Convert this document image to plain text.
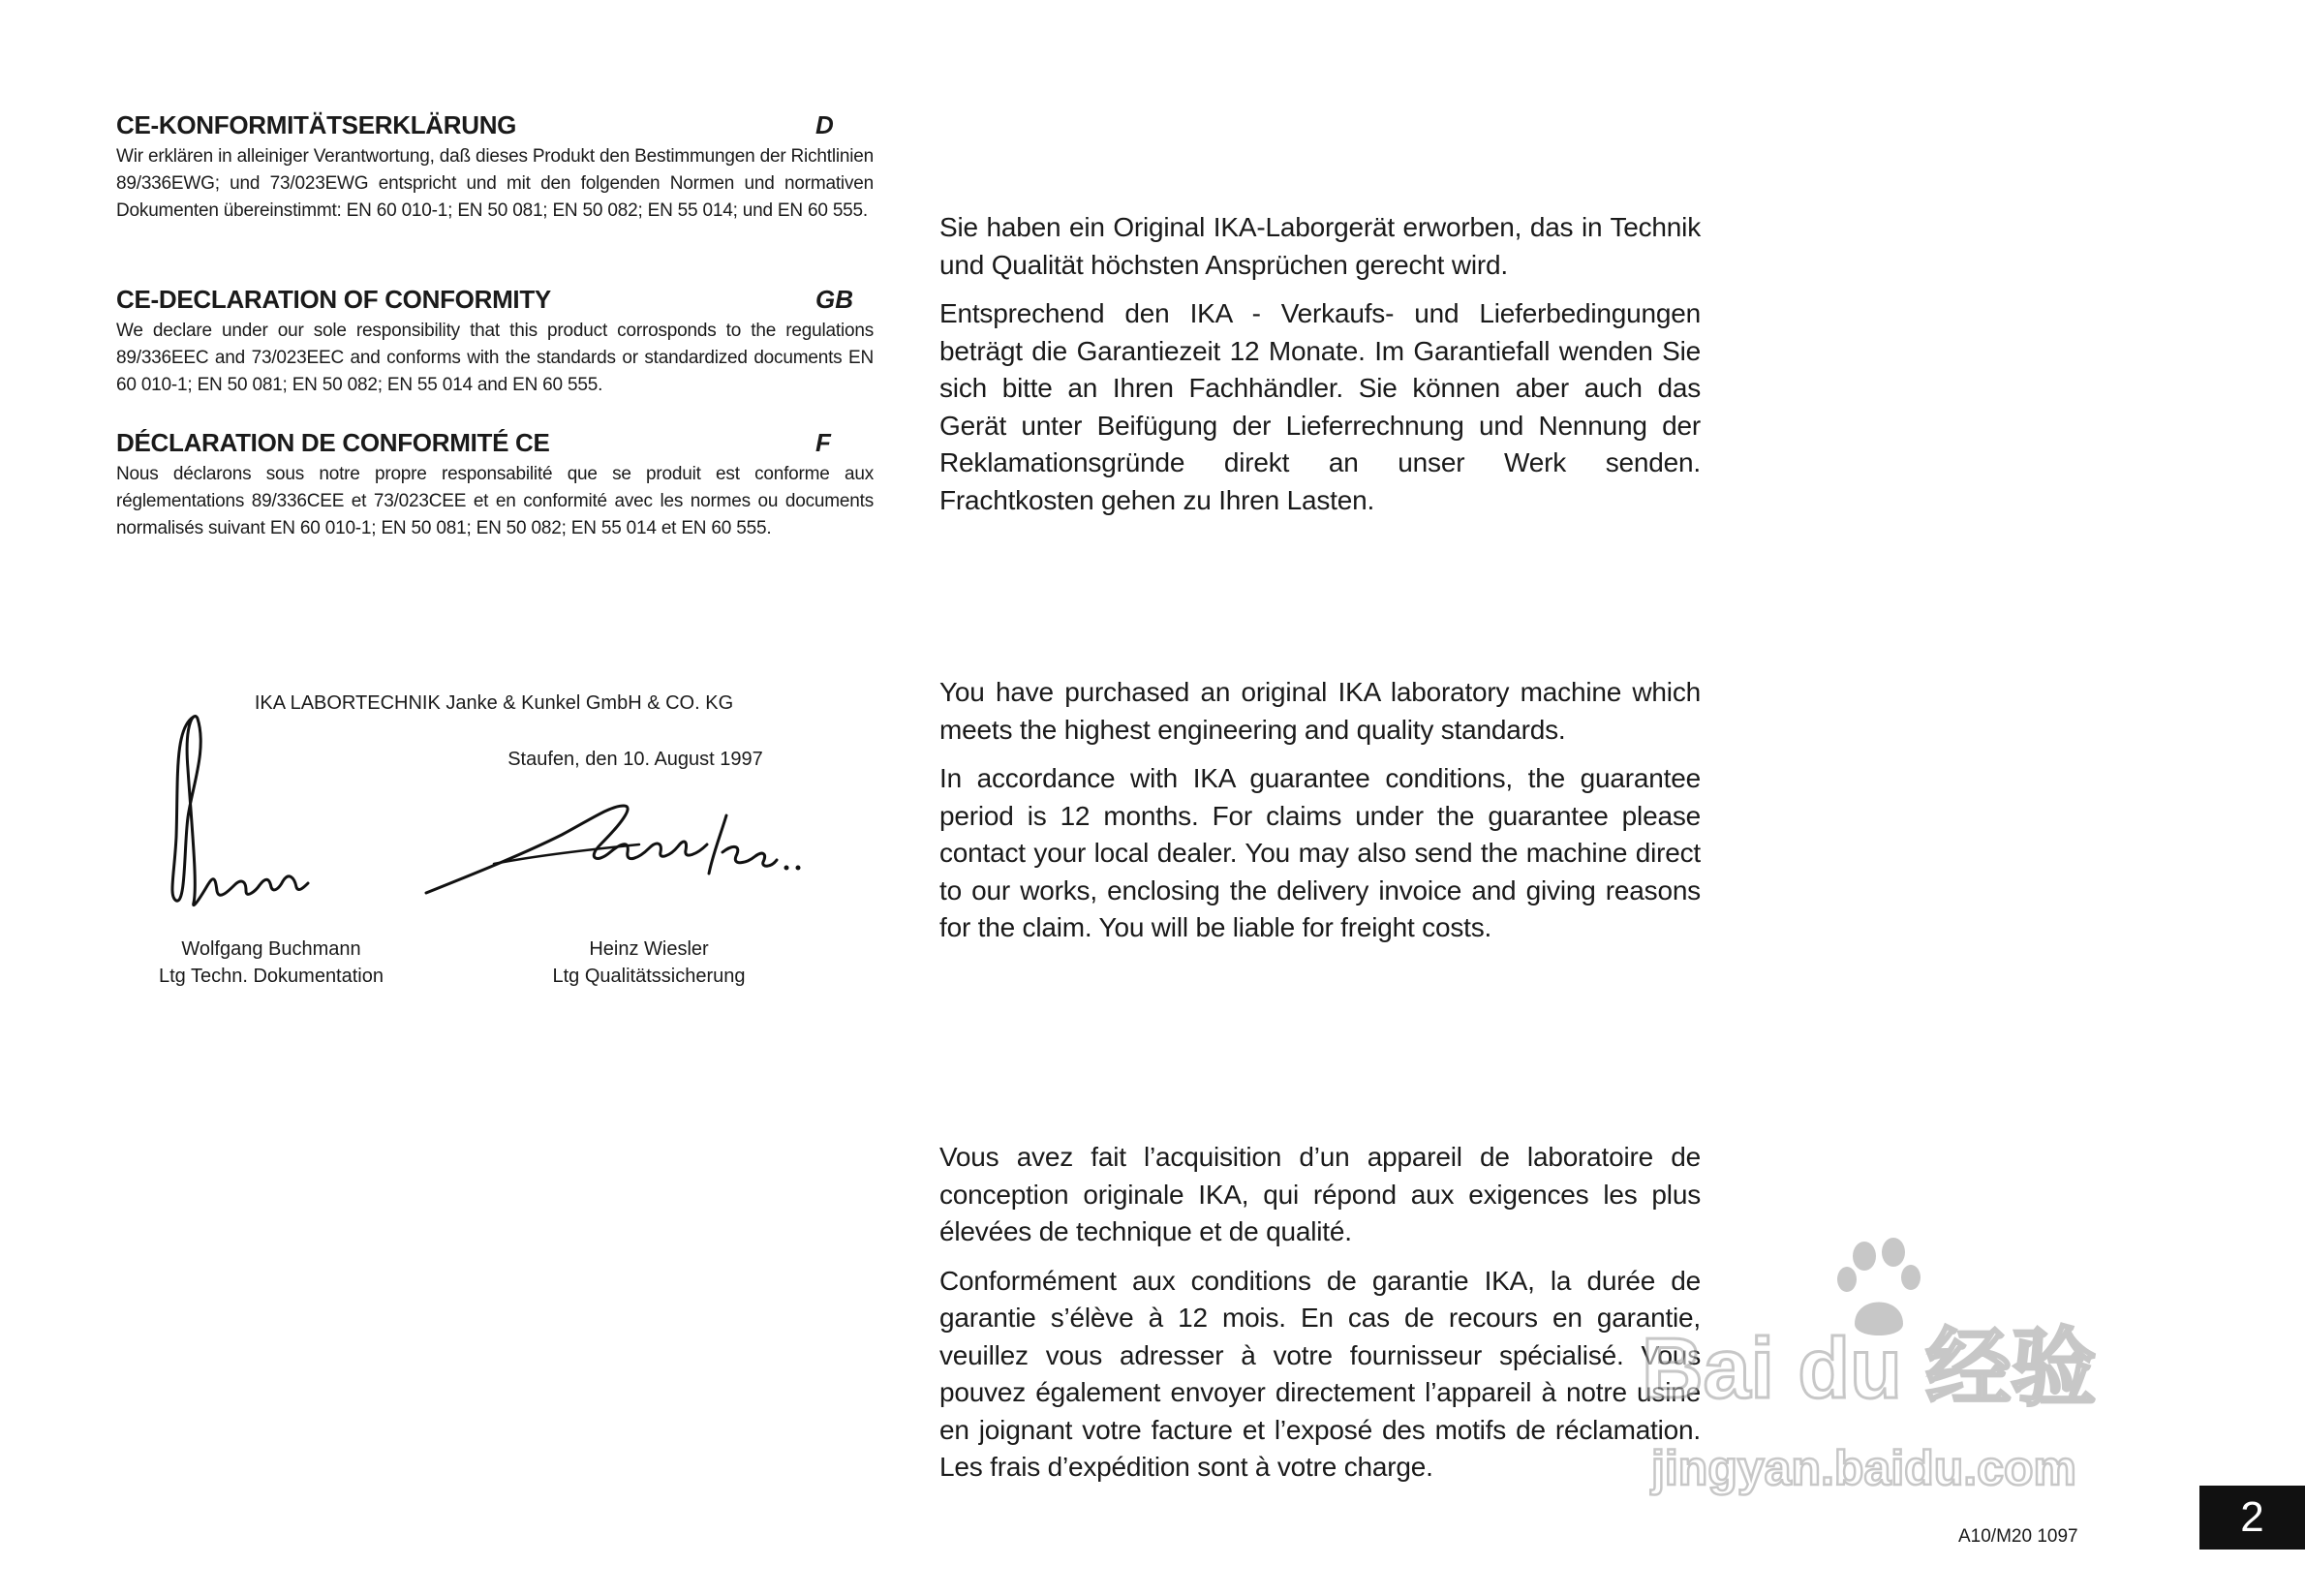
CE-KONFORMITÄTSERKLÄRUNG	D

Wir erklären in alleiniger Verantwortung, daß dieses Produkt den Bestimmungen der Richtlinien 89/336EWG; und 73/023EWG entspricht und mit den folgenden Normen und normativen Dokumenten übereinstimmt: EN 60 010-1; EN 50 081; EN 50 082; EN 55 014; und EN 60 555.

CE-DECLARATION OF CONFORMITY	GB

We declare under our sole responsibility that this product corrosponds to the regulations 89/336EEC and 73/023EEC and conforms with the standards or standardized documents EN 60 010-1; EN 50 081; EN 50 082; EN 55 014 and EN 60 555.

DÉCLARATION DE CONFORMITÉ CE	F

Nous déclarons sous notre propre responsabilité que se produit est conforme aux réglementations 89/336CEE et 73/023CEE et en conformité avec les normes ou documents normalisés suivant EN 60 010-1; EN 50 081; EN 50 082; EN 55 014 et EN 60 555.

IKA LABORTECHNIK Janke & Kunkel GmbH & CO. KG
Staufen, den 10. August 1997
Wolfgang Buchmann
Ltg Techn. Dokumentation
Heinz Wiesler
Ltg Qualitätssicherung

Sie haben ein Original IKA-Laborgerät erworben, das in Technik und Qualität höchsten Ansprüchen gerecht wird.

Entsprechend den IKA - Verkaufs- und Lieferbedingungen beträgt die Garantiezeit 12 Monate. Im Garantiefall wenden Sie sich bitte an Ihren Fachhändler. Sie können aber auch das Gerät unter Beifügung der Lieferrechnung und Nennung der Reklamationsgründe direkt an unser Werk senden. Frachtkosten gehen zu Ihren Lasten.

You have purchased an original IKA laboratory machine which meets the highest engineering and quality standards.

In accordance with IKA guarantee conditions, the guarantee period is 12 months. For claims under the guarantee please contact your local dealer. You may also send the machine direct to our works, enclosing the delivery invoice and giving reasons for the claim. You will be liable for freight costs.

Vous avez fait l’acquisition d’un appareil de laboratoire de conception originale IKA, qui répond aux exigences les plus élevées de technique et de qualité.

Conformément aux conditions de garantie IKA, la durée de garantie s’élève à 12 mois. En cas de recours en garantie, veuillez vous adresser à votre fournisseur spécialisé. Vous pouvez également envoyer directement l’appareil à notre usine en joignant votre facture et l’exposé des motifs de réclamation. Les frais d’expédition sont à votre charge.

Bai du 经验
jingyan.baidu.com
A10/M20 1097	2
